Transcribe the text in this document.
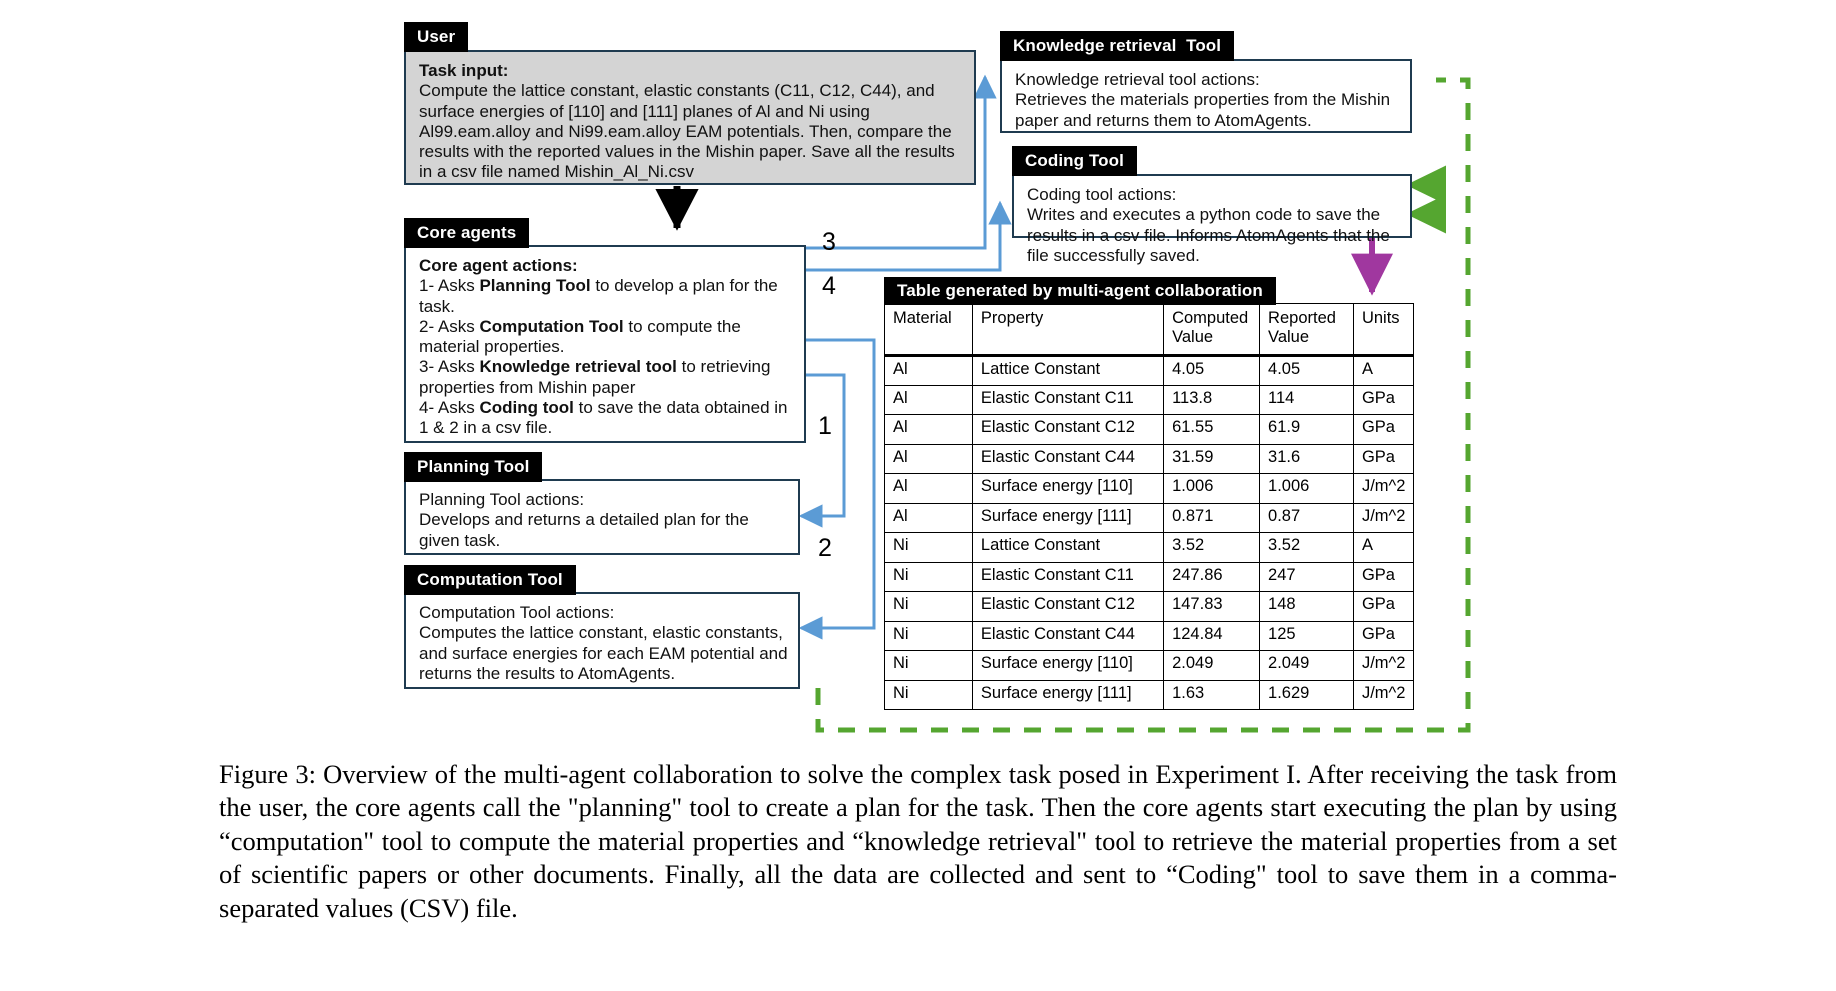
User
Task input:
Compute the lattice constant, elastic constants (C11, C12, C44), and surface energies of [110] and [111] planes of Al and Ni using Al99.eam.alloy and Ni99.eam.alloy EAM potentials. Then, compare the results with the reported values in the Mishin paper. Save all the results in a csv file named Mishin_Al_Ni.csv
Core agents
Core agent actions:
1- Asks Planning Tool to develop a plan for the task.
2- Asks Computation Tool to compute the material properties.
3- Asks Knowledge retrieval tool to retrieving properties from Mishin paper
4- Asks Coding tool to save the data obtained in 1 & 2 in a csv file.
Planning Tool
Planning Tool actions:
Develops and returns a detailed plan for the given task.
Computation Tool
Computation Tool actions:
Computes the lattice constant, elastic constants, and surface energies for each EAM potential and returns the results to AtomAgents.
Knowledge retrieval  Tool
Knowledge retrieval tool actions:
Retrieves the materials properties from the Mishin paper and returns them to AtomAgents.
Coding Tool
Coding tool actions:
Writes and executes a python code to save the results in a csv file. Informs AtomAgents that the file successfully saved.
3
4
1
2
Table generated by multi-agent collaboration
Material	Property	Computed Value	Reported Value	Units
Al	Lattice Constant	4.05	4.05	A
Al	Elastic Constant C11	113.8	114	GPa
Al	Elastic Constant C12	61.55	61.9	GPa
Al	Elastic Constant C44	31.59	31.6	GPa
Al	Surface energy [110]	1.006	1.006	J/m^2
Al	Surface energy [111]	0.871	0.87	J/m^2
Ni	Lattice Constant	3.52	3.52	A
Ni	Elastic Constant C11	247.86	247	GPa
Ni	Elastic Constant C12	147.83	148	GPa
Ni	Elastic Constant C44	124.84	125	GPa
Ni	Surface energy [110]	2.049	2.049	J/m^2
Ni	Surface energy [111]	1.63	1.629	J/m^2
Figure 3: Overview of the multi-agent collaboration to solve the complex task posed in Experiment I. After receiving the task from the user, the core agents call the "planning" tool to create a plan for the task. Then the core agents start executing the plan by using “computation" tool to compute the material properties and “knowledge retrieval" tool to retrieve the material properties from a set of scientific papers or other documents. Finally, all the data are collected and sent to “Coding" tool to save them in a comma-separated values (CSV) file.
